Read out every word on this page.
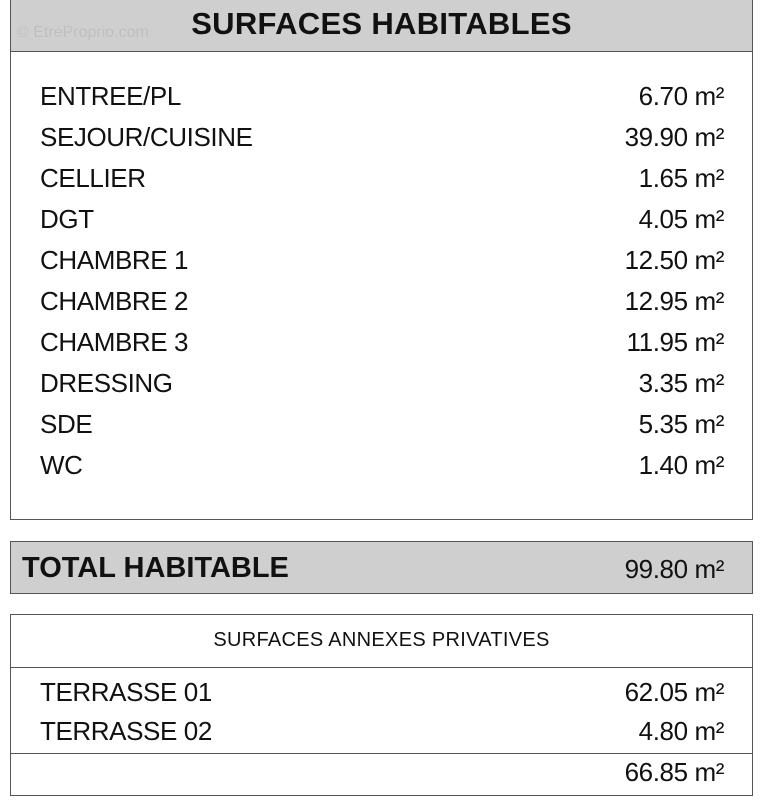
© EtreProprio.com	SURFACES HABITABLES
ENTREE/PL	6.70 m²
SEJOUR/CUISINE	39.90 m²
CELLIER	1.65 m²
DGT	4.05 m²
CHAMBRE 1	12.50 m²
CHAMBRE 2	12.95 m²
CHAMBRE 3	11.95 m²
DRESSING	3.35 m²
SDE	5.35 m²
WC	1.40 m²
TOTAL HABITABLE	99.80 m²
SURFACES ANNEXES PRIVATIVES
TERRASSE 01	62.05 m²
TERRASSE 02	4.80 m²
66.85 m²
